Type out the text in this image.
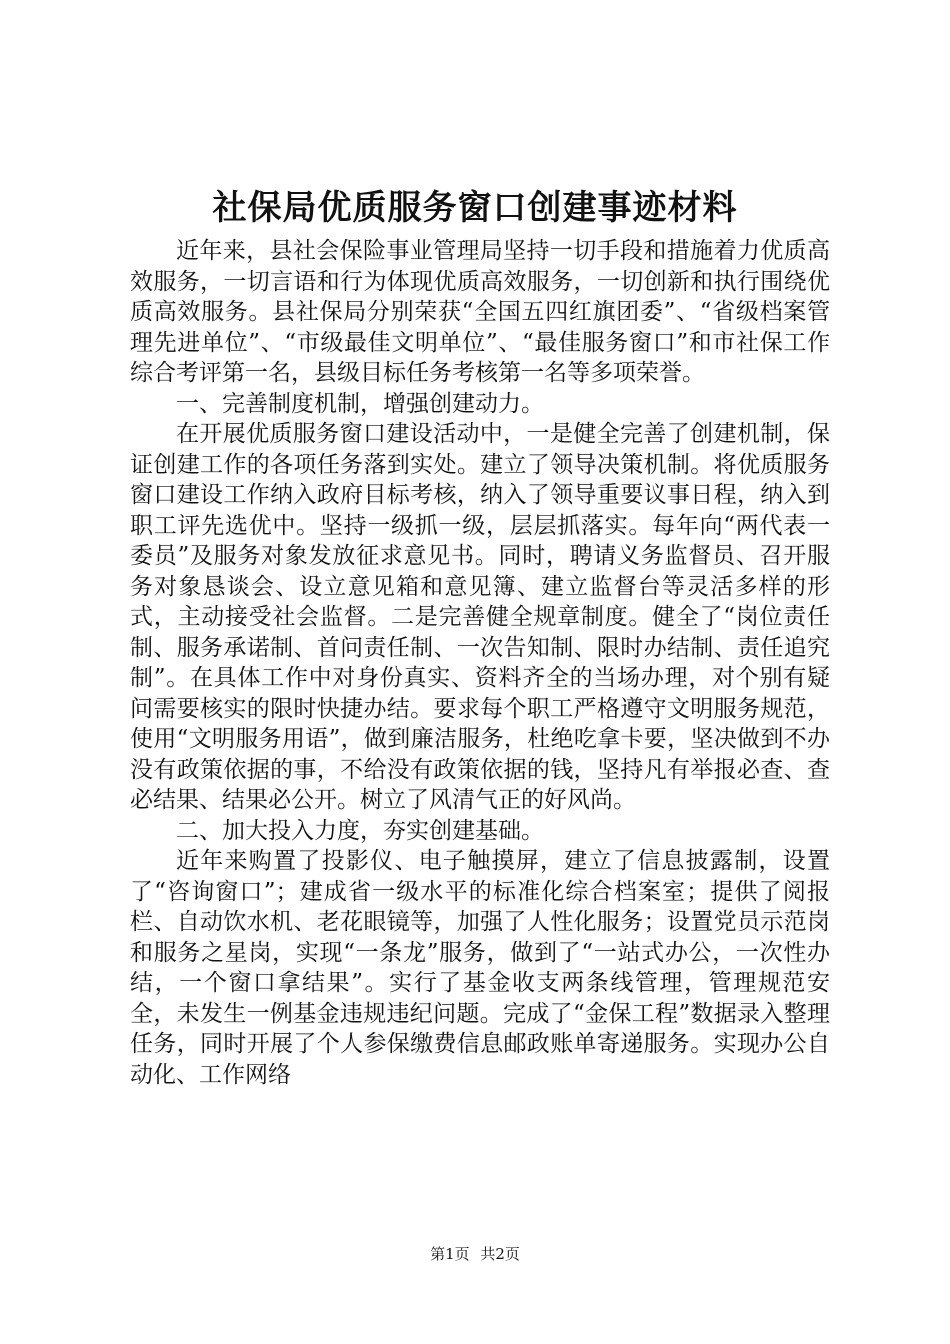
社保局优质服务窗口创建事迹材料

近年来，县社会保险事业管理局坚持一切手段和措施着力优质高效服务，一切言语和行为体现优质高效服务，一切创新和执行围绕优质高效服务。县社保局分别荣获“全国五四红旗团委”、“省级档案管理先进单位”、“市级最佳文明单位”、“最佳服务窗口”和市社保工作综合考评第一名，县级目标任务考核第一名等多项荣誉。

一、完善制度机制，增强创建动力。

在开展优质服务窗口建设活动中，一是健全完善了创建机制，保证创建工作的各项任务落到实处。建立了领导决策机制。将优质服务窗口建设工作纳入政府目标考核，纳入了领导重要议事日程，纳入到职工评先选优中。坚持一级抓一级，层层抓落实。每年向“两代表一委员”及服务对象发放征求意见书。同时，聘请义务监督员、召开服务对象恳谈会、设立意见箱和意见簿、建立监督台等灵活多样的形式，主动接受社会监督。二是完善健全规章制度。健全了“岗位责任制、服务承诺制、首问责任制、一次告知制、限时办结制、责任追究制”。在具体工作中对身份真实、资料齐全的当场办理，对个别有疑问需要核实的限时快捷办结。要求每个职工严格遵守文明服务规范，使用“文明服务用语”，做到廉洁服务，杜绝吃拿卡要，坚决做到不办没有政策依据的事，不给没有政策依据的钱，坚持凡有举报必查、查必结果、结果必公开。树立了风清气正的好风尚。

二、加大投入力度，夯实创建基础。

近年来购置了投影仪、电子触摸屏，建立了信息披露制，设置了“咨询窗口”；建成省一级水平的标准化综合档案室；提供了阅报栏、自动饮水机、老花眼镜等，加强了人性化服务；设置党员示范岗和服务之星岗，实现“一条龙”服务，做到了“一站式办公，一次性办结，一个窗口拿结果”。实行了基金收支两条线管理，管理规范安全，未发生一例基金违规违纪问题。完成了“金保工程”数据录入整理任务，同时开展了个人参保缴费信息邮政账单寄递服务。实现办公自动化、工作网络

第1页 共2页
